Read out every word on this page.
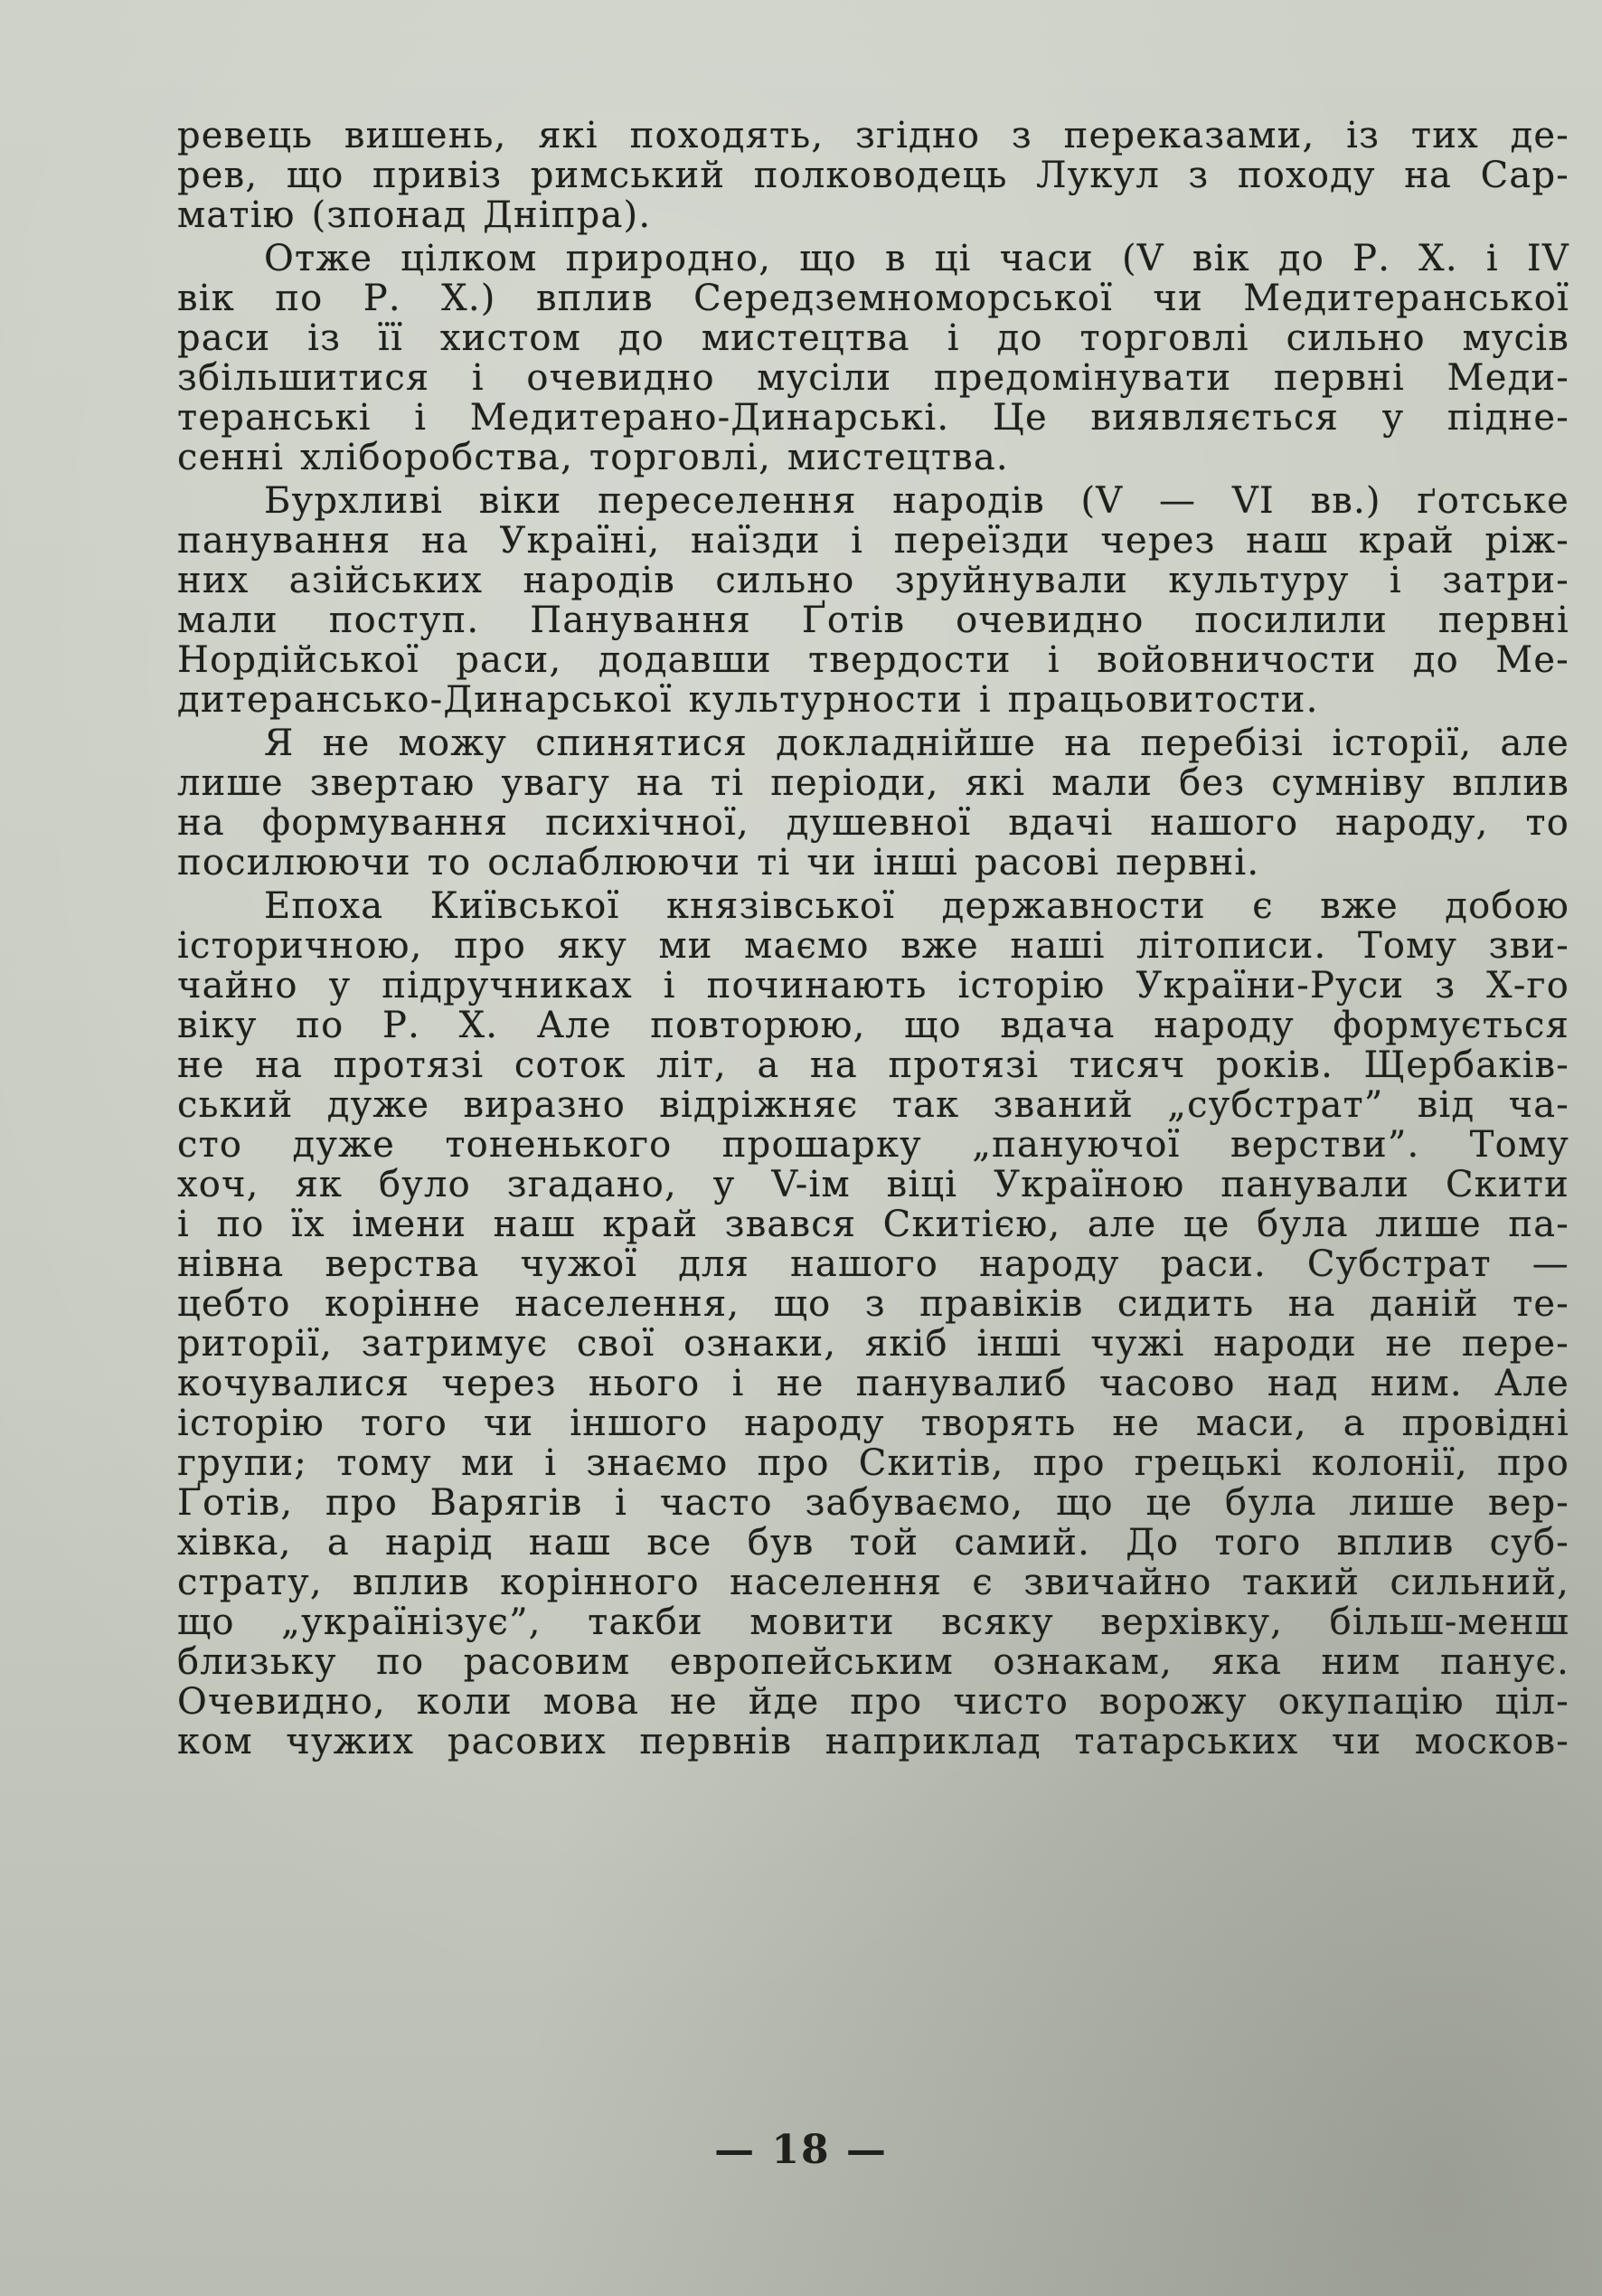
ревець вишень, які походять, згідно з переказами, із тих де-
рев, що привіз римський полководець Лукул з походу на Сар-
матію (зпонад Дніпра).
Отже цілком природно, що в ці часи (V вік до Р. Х. і IV
вік по Р. Х.) вплив Середземноморської чи Медитеранської
раси із її хистом до мистецтва і до торговлі сильно мусів
збільшитися і очевидно мусіли предомінувати первні Меди-
теранські і Медитерано-Динарські. Це виявляється у підне-
сенні хліборобства, торговлі, мистецтва.
Бурхливі віки переселення народів (V — VI вв.) ґотське
панування на Україні, наїзди і переїзди через наш край ріж-
них азійських народів сильно зруйнували культуру і затри-
мали поступ. Панування Ґотів очевидно посилили первні
Нордійської раси, додавши твердости і войовничости до Ме-
дитерансько-Динарської культурности і працьовитости.
Я не можу спинятися докладнійше на перебізі історії, але
лише звертаю увагу на ті періоди, які мали без сумніву вплив
на формування психічної, душевної вдачі нашого народу, то
посилюючи то ослаблюючи ті чи інші расові первні.
Епоха Київської князівської державности є вже добою
історичною, про яку ми маємо вже наші літописи. Тому зви-
чайно у підручниках і починають історію України-Руси з Х-го
віку по Р. Х. Але повторюю, що вдача народу формується
не на протязі соток літ, а на протязі тисяч років. Щербаків-
ський дуже виразно відріжняє так званий „субстрат” від ча-
сто дуже тоненького прошарку „пануючої верстви”. Тому
хоч, як було згадано, у V-ім віці Україною панували Скити
і по їх імени наш край звався Скитією, але це була лише па-
нівна верства чужої для нашого народу раси. Субстрат —
цебто корінне населення, що з правіків сидить на даній те-
риторії, затримує свої ознаки, якіб інші чужі народи не пере-
кочувалися через нього і не панувалиб часово над ним. Але
історію того чи іншого народу творять не маси, а провідні
групи; тому ми і знаємо про Скитів, про грецькі колонії, про
Ґотів, про Варягів і часто забуваємо, що це була лише вер-
хівка, а нарід наш все був той самий. До того вплив суб-
страту, вплив корінного населення є звичайно такий сильний,
що „українізує”, такби мовити всяку верхівку, більш-менш
близьку по расовим европейським ознакам, яка ним панує.
Очевидно, коли мова не йде про чисто ворожу окупацію ціл-
ком чужих расових первнів наприклад татарських чи москов-
— 18 —
